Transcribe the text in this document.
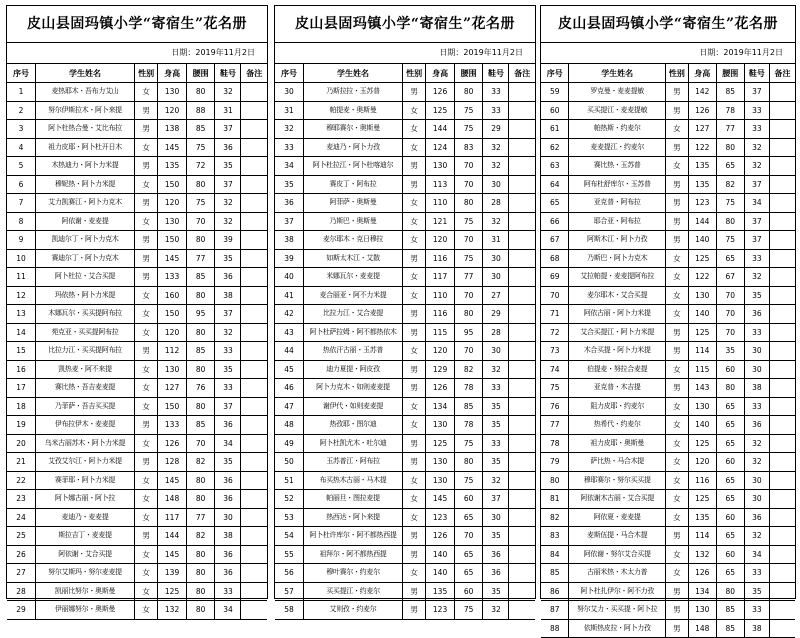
皮山县固玛镇小学“寄宿生”花名册
日期：2019年11月2日
序号	学生姓名	性别	身高	腰围	鞋号	备注
1	麦热耶木・吾布力艾山	女	130	80	32	
2	努尔伊斯拉木・阿卜来提	男	120	88	31	
3	阿卜杜热合曼・艾比布拉	男	138	85	37	
4	祖力皮耶・阿卜杜开日木	女	145	75	36	
5	木热迪力・阿卜力米提	男	135	72	35	
6	穆妮热・阿卜力米提	女	150	80	37	
7	艾力凯赛江・阿卜力克木	男	120	75	32	
8	阿依谢・麦麦提	女	130	70	32	
9	凯迪尔丁・阿卜力克木	男	150	80	39	
10	赛迪尔丁・阿卜力克木	男	145	77	35	
11	阿卜杜拉・艾合买提	男	133	85	36	
12	玛依热・阿卜力米提	女	160	80	38	
13	木娜瓦尔・买买提阿布拉	女	150	95	37	
14	苑克亚・买买提阿布拉	女	120	80	32	
15	比拉力江・买买提阿布拉	男	112	85	33	
16	凯热麦・阿不来提	女	130	80	35	
17	赛比热・吾吉麦麦提	女	127	76	33	
18	乃菲萨・吾吉买买提	女	150	80	37	
19	伊布拉伊木・麦麦提	男	133	85	36	
20	乌米古丽苏木・阿卜力米提	女	126	70	34	
21	艾孜艾尔江・阿卜力米提	男	128	82	35	
22	赛菲耶・阿卜力米提	女	145	80	36	
23	阿卜娜古丽・阿卜拉	女	148	80	36	
24	麦迪乃・麦麦提	女	117	77	30	
25	斯拉吉丁・麦麦提	男	144	82	38	
26	阿依谢・艾合买提	女	145	80	36	
27	努尔艾斯玛・努尔麦麦提	女	139	80	36	
28	凯丽比努尔・奥斯曼	女	125	80	33	
29	伊丽娜努尔・奥斯曼	女	132	80	34	
皮山县固玛镇小学“寄宿生”花名册
日期：2019年11月2日
序号	学生姓名	性别	身高	腰围	鞋号	备注
30	乃斯拉拉・玉苏普	男	126	80	33	
31	帕提麦・奥斯曼	女	125	75	33	
32	穆耶赛尔・奥斯曼	女	144	75	29	
33	麦迪乃・阿卜力孜	女	124	83	32	
34	阿卜杜拉江・阿卜杜喀迪尔	男	130	70	32	
35	赛皮丁・阿布拉	男	113	70	30	
36	阿菲萨・奥斯曼	女	110	80	28	
37	乃斯巴・奥斯曼	女	121	75	32	
38	麦尔耶木・克日穆拉	女	120	70	31	
39	如斯太木江・艾散	男	116	75	30	
40	米娜瓦尔・麦麦提	女	117	77	30	
41	麦合丽亚・阿不力米提	女	110	70	27	
42	比拉力江・艾合麦提	男	116	80	29	
43	阿卜杜萨拉姆・阿不都热依木	男	115	95	28	
44	热依汗古丽・玉苏普	女	120	70	30	
45	迪力夏提・阿皮孜	男	129	82	32	
46	阿卜力克木・如则麦麦提	男	126	78	33	
47	谢伊代・如则麦麦提	女	134	85	35	
48	热孜耶・图尔迪	女	130	78	35	
49	阿卜杜凯尤木・吐尔迪	男	125	75	33	
50	玉苏普江・阿布拉	男	130	80	35	
51	布买热木古丽・马木提	女	130	75	32	
52	帕丽旦・图拉麦提	女	145	60	37	
53	热西达・阿卜来提	女	123	65	30	
54	阿卜杜许库尔・阿不都热西提	男	126	70	35	
55	祖拜尔・阿不都热西提	男	140	65	36	
56	穆叶赛尔・约麦尔	女	140	65	36	
57	买买提江・约麦尔	男	135	60	35	
58	艾则孜・约麦尔	男	123	75	32	
皮山县固玛镇小学“寄宿生”花名册
日期：2019年11月2日
序号	学生姓名	性别	身高	腰围	鞋号	备注
59	罗克曼・麦麦提敏	男	142	85	37	
60	买买提江・麦麦提敏	男	126	78	33	
61	帕热斯・约麦尔	女	127	77	33	
62	麦麦提江・约麦尔	男	122	80	32	
63	赛比热・玉苏普	女	135	65	32	
64	阿布杜舒库尔・玉苏普	男	135	82	37	
65	亚克普・阿布拉	男	123	75	34	
66	耶合亚・阿布拉	男	144	80	37	
67	阿斯木江・阿卜力孜	男	140	75	37	
68	乃斯巴・阿卜力克木	女	125	65	33	
69	艾拉帕提・麦麦提阿布拉	女	122	67	32	
70	麦尔耶木・艾合买提	女	130	70	35	
71	阿依古丽・阿卜力米提	女	140	70	36	
72	艾合买提江・阿卜力米提	男	125	70	33	
73	木合买提・阿卜力米提	男	114	35	30	
74	伯提麦・努拉合麦提	女	115	60	30	
75	亚克普・木吉提	男	143	80	38	
76	阻力皮耶・约麦尔	女	130	65	33	
77	热希代・约麦尔	女	140	65	36	
78	祖力皮耶・奥斯曼	女	125	65	32	
79	萨比热・马合木提	女	120	60	32	
80	穆耶赛尔・努尔买买提	女	116	65	30	
81	阿依谢木古丽・艾合买提	女	125	65	30	
82	阿依夏・麦麦提	女	135	60	36	
83	麦斯伍提・马合木提	男	114	65	32	
84	阿依谢・努尔艾合买提	女	132	60	34	
85	古丽米热・木太力普	女	126	65	33	
86	阿卜杜扎伊尔・阿不力孜	男	134	80	35	
87	努尔艾力・买买提・阿卜拉	男	130	85	33	
88	依斯热皮拉・阿卜力孜	男	148	85	38	
